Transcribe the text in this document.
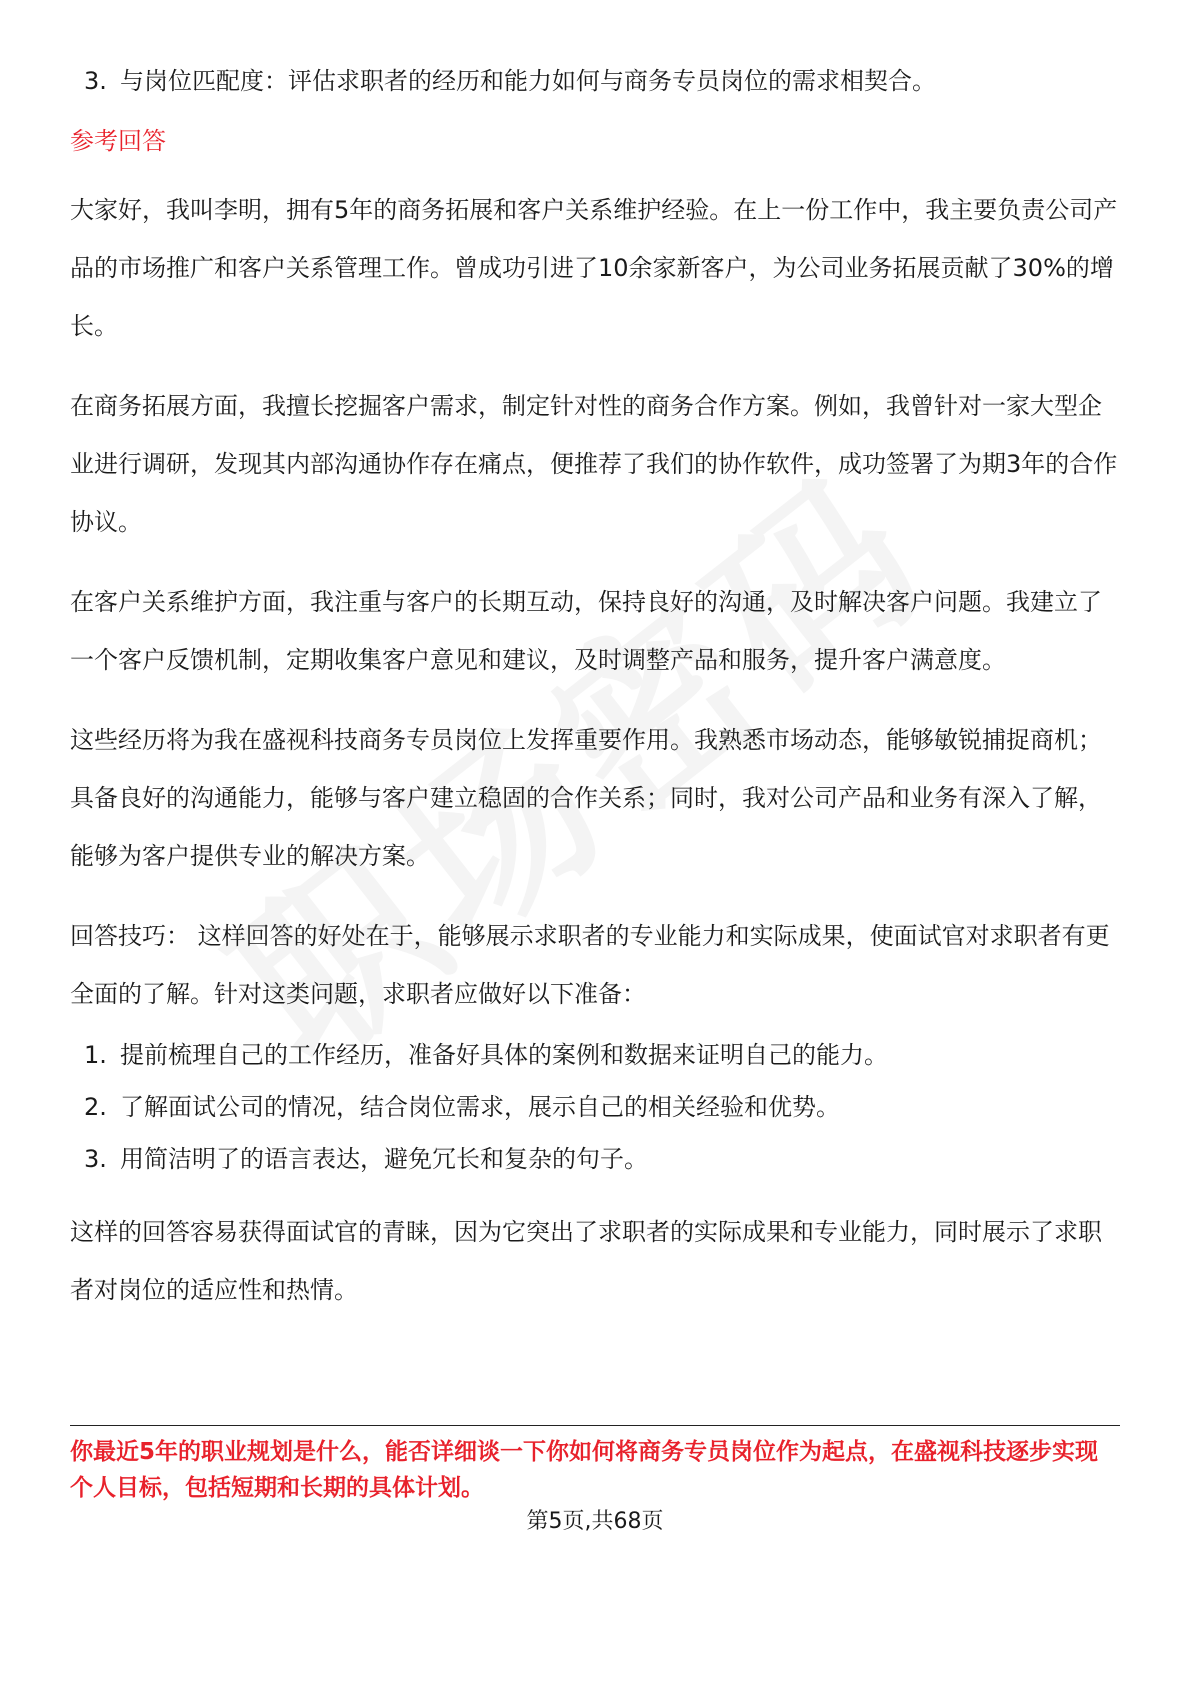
3. 与岗位匹配度：评估求职者的经历和能力如何与商务专员岗位的需求相契合。
参考回答

大家好，我叫李明，拥有5年的商务拓展和客户关系维护经验。在上一份工作中，我主要负责公司产品的市场推广和客户关系管理工作。曾成功引进了10余家新客户，为公司业务拓展贡献了30%的增长。

在商务拓展方面，我擅长挖掘客户需求，制定针对性的商务合作方案。例如，我曾针对一家大型企业进行调研，发现其内部沟通协作存在痛点，便推荐了我们的协作软件，成功签署了为期3年的合作协议。

在客户关系维护方面，我注重与客户的长期互动，保持良好的沟通，及时解决客户问题。我建立了一个客户反馈机制，定期收集客户意见和建议，及时调整产品和服务，提升客户满意度。

这些经历将为我在盛视科技商务专员岗位上发挥重要作用。我熟悉市场动态，能够敏锐捕捉商机；具备良好的沟通能力，能够与客户建立稳固的合作关系；同时，我对公司产品和业务有深入了解，能够为客户提供专业的解决方案。

回答技巧： 这样回答的好处在于，能够展示求职者的专业能力和实际成果，使面试官对求职者有更全面的了解。针对这类问题，求职者应做好以下准备：

1. 提前梳理自己的工作经历，准备好具体的案例和数据来证明自己的能力。
2. 了解面试公司的情况，结合岗位需求，展示自己的相关经验和优势。
3. 用简洁明了的语言表达，避免冗长和复杂的句子。

这样的回答容易获得面试官的青睐，因为它突出了求职者的实际成果和专业能力，同时展示了求职者对岗位的适应性和热情。

你最近5年的职业规划是什么，能否详细谈一下你如何将商务专员岗位作为起点，在盛视科技逐步实现个人目标，包括短期和长期的具体计划。
第5页,共68页
